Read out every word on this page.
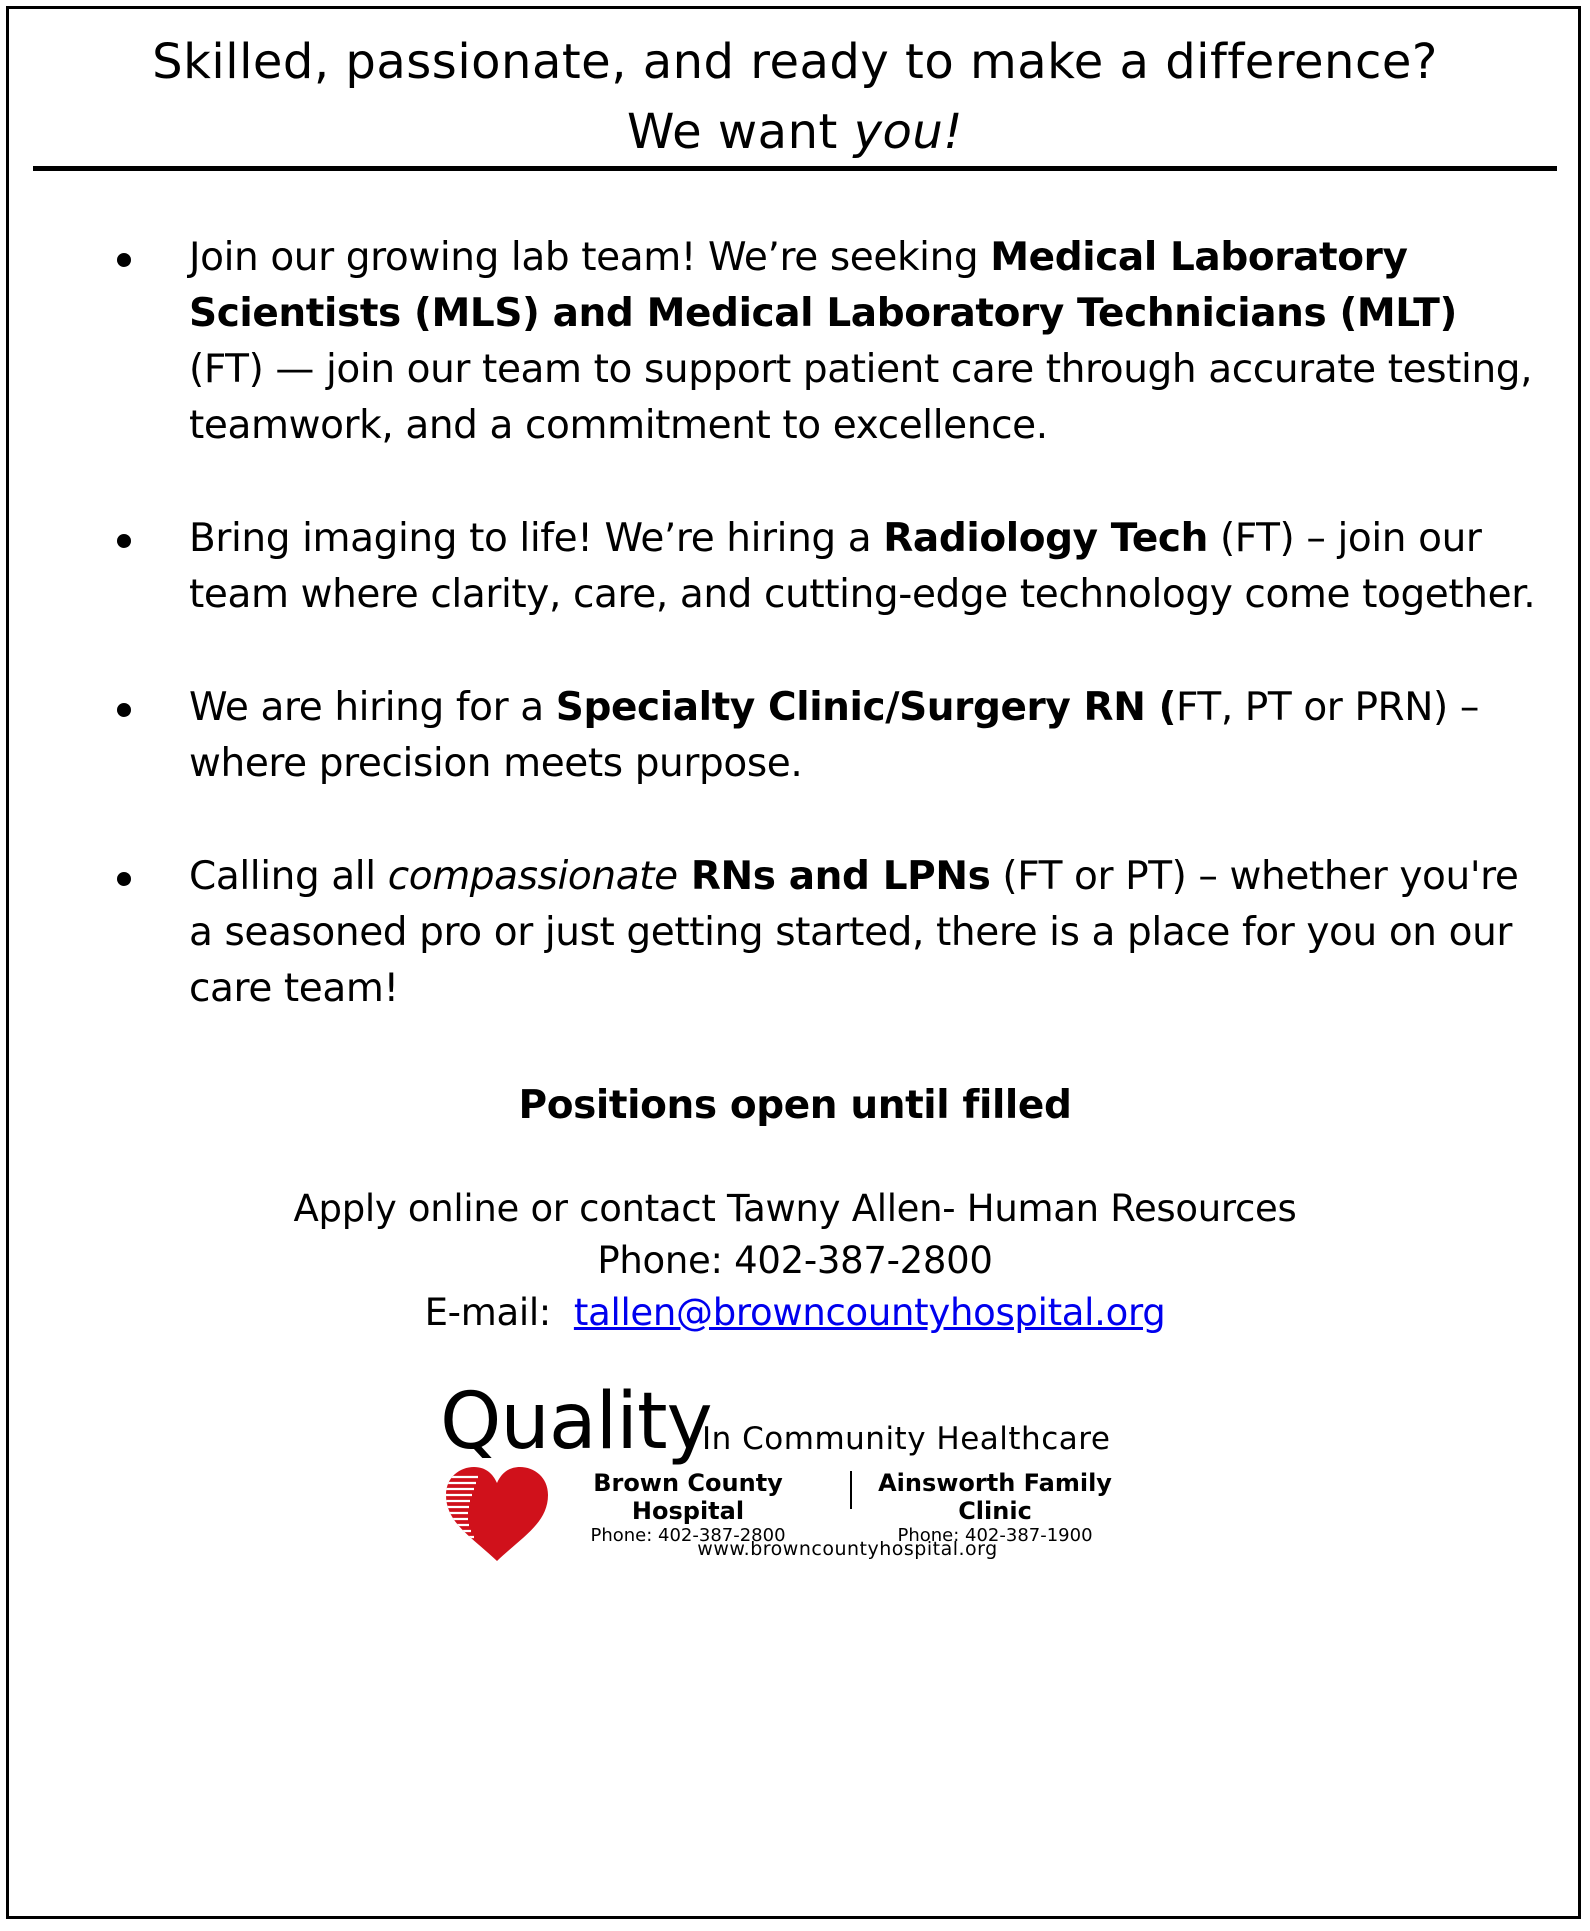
Skilled, passionate, and ready to make a difference?
We want you!
Join our growing lab team! We’re seeking Medical Laboratory Scientists (MLS) and Medical Laboratory Technicians (MLT) (FT) — join our team to support patient care through accurate testing, teamwork, and a commitment to excellence.
Bring imaging to life! We’re hiring a Radiology Tech (FT) – join our team where clarity, care, and cutting-edge technology come together.
We are hiring for a Specialty Clinic/Surgery RN (FT, PT or PRN) – where precision meets purpose.
Calling all compassionate RNs and LPNs (FT or PT) – whether you're a seasoned pro or just getting started, there is a place for you on our care team!
Positions open until filled
Apply online or contact Tawny Allen- Human Resources
Phone: 402-387-2800
E-mail:  tallen@browncountyhospital.org
Quality
In Community Healthcare
Brown County Hospital
Phone: 402-387-2800
Ainsworth Family Clinic
Phone: 402-387-1900
www.browncountyhospital.org
